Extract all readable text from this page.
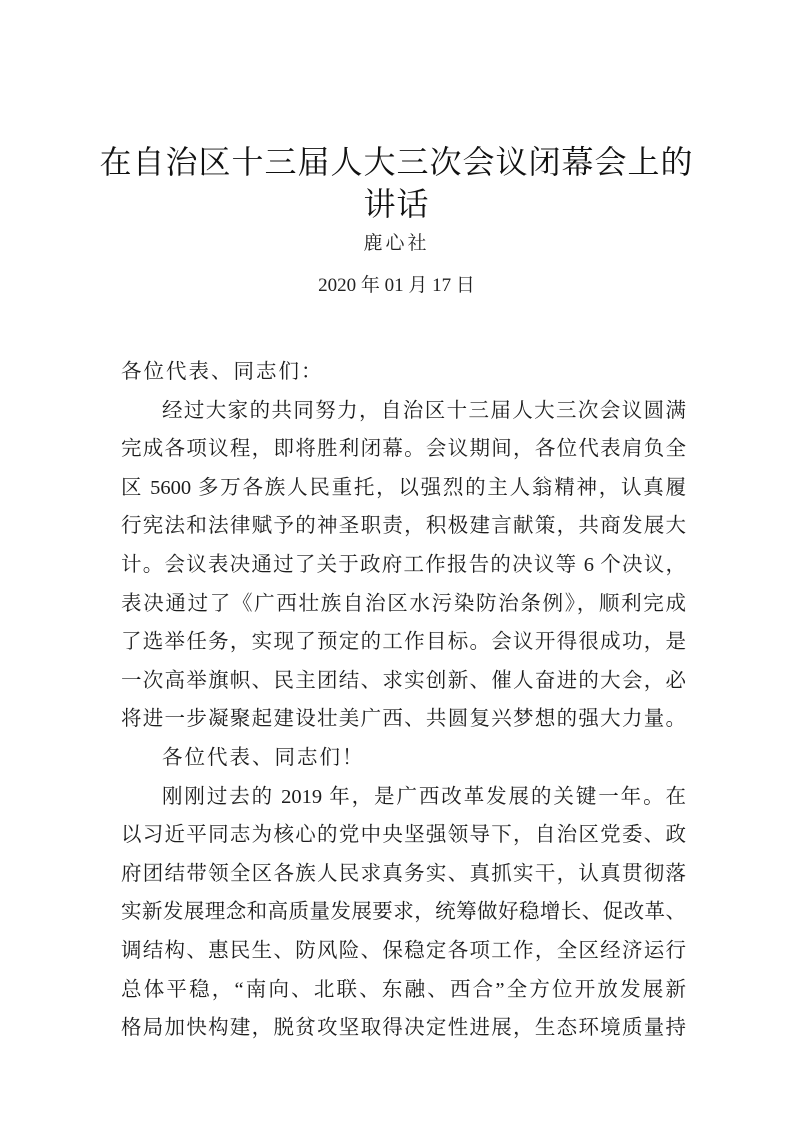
在自治区十三届人大三次会议闭幕会上的
讲话
鹿心社
2020 年 01 月 17 日
各位代表、同志们：
经过大家的共同努力，自治区十三届人大三次会议圆满
完成各项议程，即将胜利闭幕。会议期间，各位代表肩负全
区 5600 多万各族人民重托，以强烈的主人翁精神，认真履
行宪法和法律赋予的神圣职责，积极建言献策，共商发展大
计。会议表决通过了关于政府工作报告的决议等 6 个决议，
表决通过了《广西壮族自治区水污染防治条例》，顺利完成
了选举任务，实现了预定的工作目标。会议开得很成功，是
一次高举旗帜、民主团结、求实创新、催人奋进的大会，必
将进一步凝聚起建设壮美广西、共圆复兴梦想的强大力量。
各位代表、同志们！
刚刚过去的 2019 年，是广西改革发展的关键一年。在
以习近平同志为核心的党中央坚强领导下，自治区党委、政
府团结带领全区各族人民求真务实、真抓实干，认真贯彻落
实新发展理念和高质量发展要求，统筹做好稳增长、促改革、
调结构、惠民生、防风险、保稳定各项工作，全区经济运行
总体平稳，“南向、北联、东融、西合”全方位开放发展新
格局加快构建，脱贫攻坚取得决定性进展，生态环境质量持
